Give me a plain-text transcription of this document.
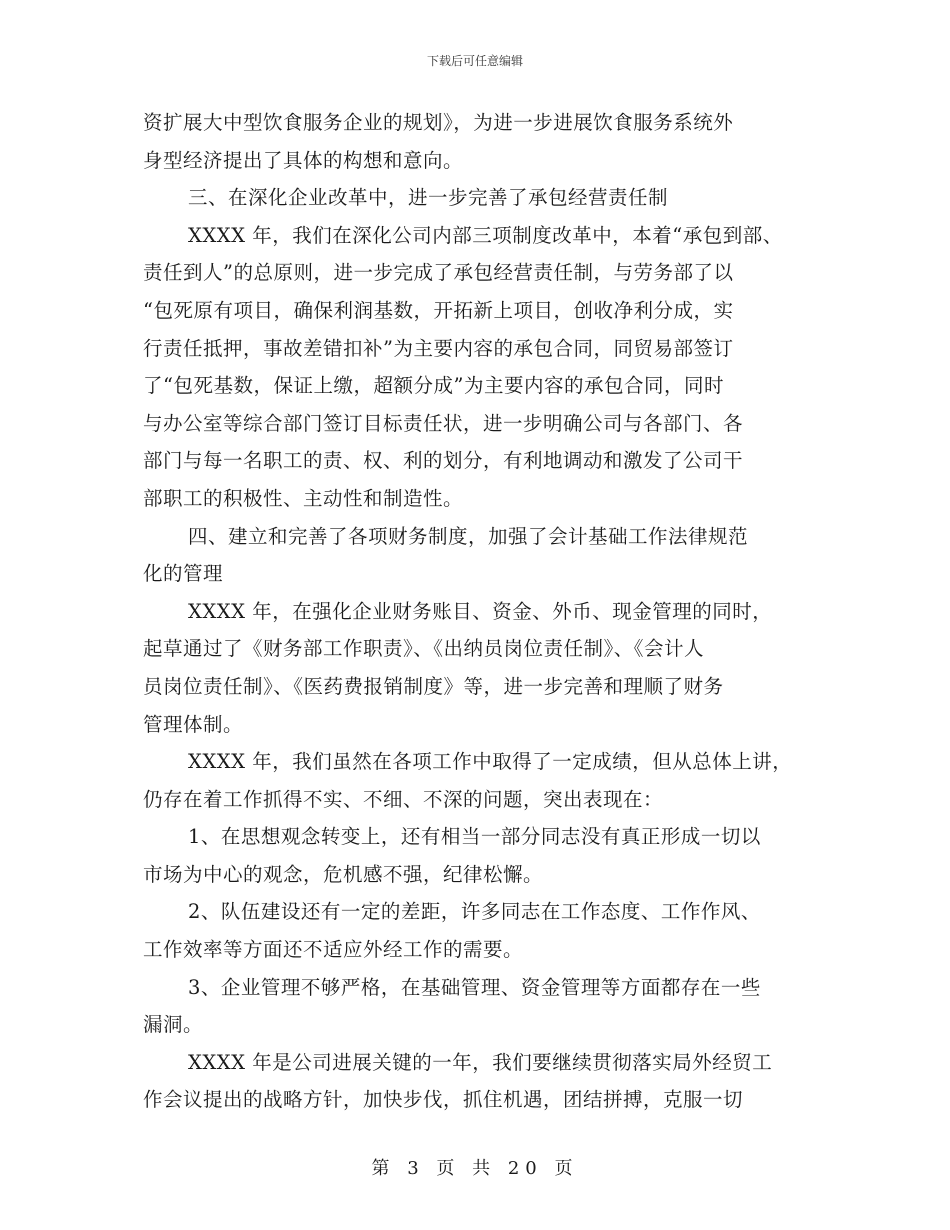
下载后可任意编辑
资扩展大中型饮食服务企业的规划》，为进一步进展饮食服务系统外
身型经济提出了具体的构想和意向。
三、在深化企业改革中，进一步完善了承包经营责任制
XXXX 年，我们在深化公司内部三项制度改革中，本着“承包到部、
责任到人”的总原则，进一步完成了承包经营责任制，与劳务部了以
“包死原有项目，确保利润基数，开拓新上项目，创收净利分成，实
行责任抵押，事故差错扣补”为主要内容的承包合同，同贸易部签订
了“包死基数，保证上缴，超额分成”为主要内容的承包合同，同时
与办公室等综合部门签订目标责任状，进一步明确公司与各部门、各
部门与每一名职工的责、权、利的划分，有利地调动和激发了公司干
部职工的积极性、主动性和制造性。
四、建立和完善了各项财务制度，加强了会计基础工作法律规范
化的管理
XXXX 年，在强化企业财务账目、资金、外币、现金管理的同时，
起草通过了《财务部工作职责》、《出纳员岗位责任制》、《会计人
员岗位责任制》、《医药费报销制度》等，进一步完善和理顺了财务
管理体制。
XXXX 年，我们虽然在各项工作中取得了一定成绩，但从总体上讲，
仍存在着工作抓得不实、不细、不深的问题，突出表现在：
1、在思想观念转变上，还有相当一部分同志没有真正形成一切以
市场为中心的观念，危机感不强，纪律松懈。
2、队伍建设还有一定的差距，许多同志在工作态度、工作作风、
工作效率等方面还不适应外经工作的需要。
3、企业管理不够严格，在基础管理、资金管理等方面都存在一些
漏洞。
XXXX 年是公司进展关键的一年，我们要继续贯彻落实局外经贸工
作会议提出的战略方针，加快步伐，抓住机遇，团结拼搏，克服一切
第 3 页 共 20 页
